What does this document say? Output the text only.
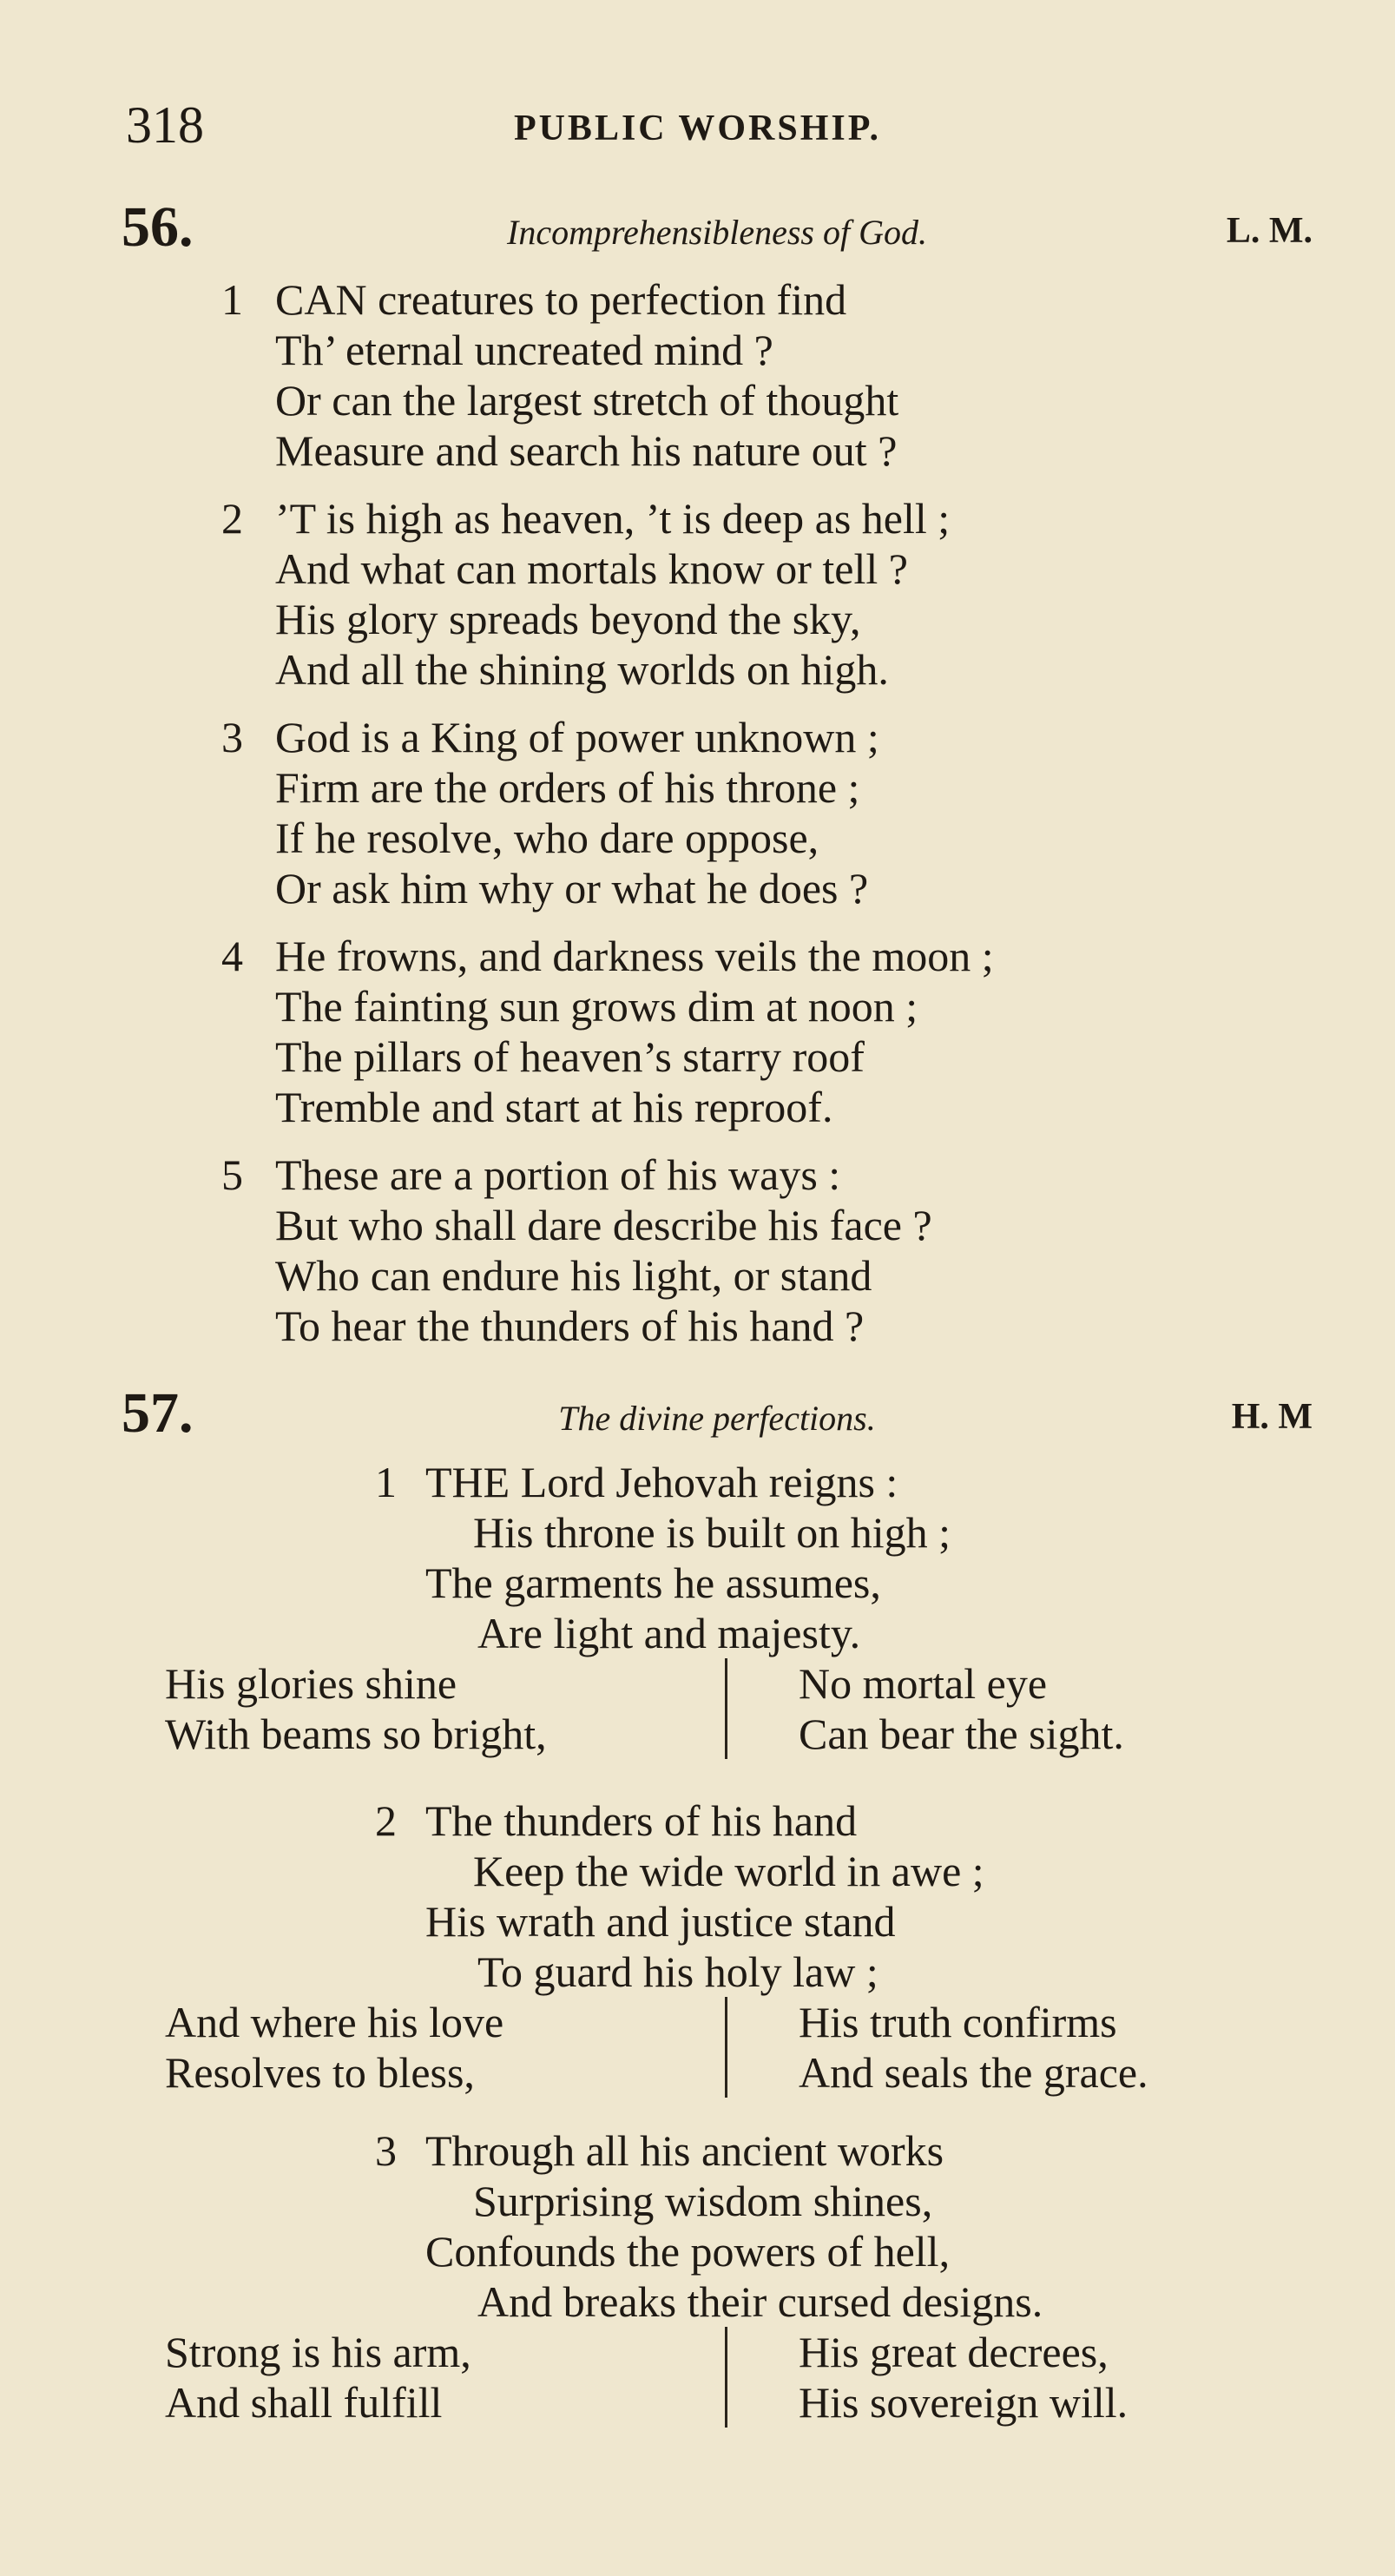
318	PUBLIC WORSHIP.
56.	Incomprehensibleness of God.	L. M.
1 CAN creatures to perfection find
Th’ eternal uncreated mind ?
Or can the largest stretch of thought
Measure and search his nature out ?
2 ’T is high as heaven, ’t is deep as hell ;
And what can mortals know or tell ?
His glory spreads beyond the sky,
And all the shining worlds on high.
3 God is a King of power unknown ;
Firm are the orders of his throne ;
If he resolve, who dare oppose,
Or ask him why or what he does ?
4 He frowns, and darkness veils the moon ;
The fainting sun grows dim at noon ;
The pillars of heaven’s starry roof
Tremble and start at his reproof.
5 These are a portion of his ways :
But who shall dare describe his face ?
Who can endure his light, or stand
To hear the thunders of his hand ?
57.	The divine perfections.	H. M
1 THE Lord Jehovah reigns :
His throne is built on high ;
The garments he assumes,
Are light and majesty.
His glories shine
With beams so bright,
No mortal eye
Can bear the sight.
2 The thunders of his hand
Keep the wide world in awe ;
His wrath and justice stand
To guard his holy law ;
And where his love
Resolves to bless,
His truth confirms
And seals the grace.
3 Through all his ancient works
Surprising wisdom shines,
Confounds the powers of hell,
And breaks their cursed designs.
Strong is his arm,
And shall fulfill
His great decrees,
His sovereign will.
